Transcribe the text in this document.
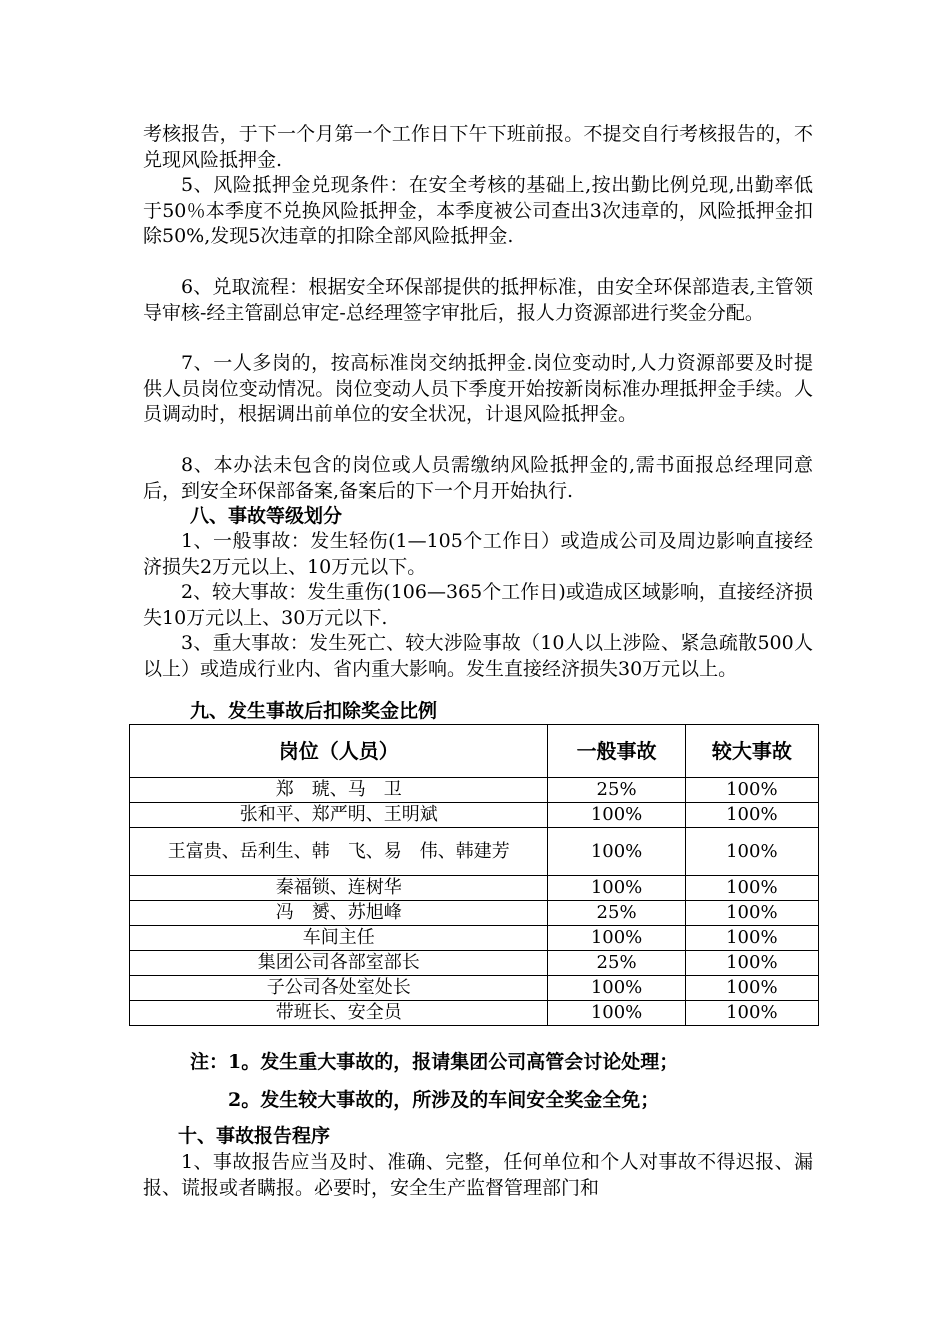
考核报告，于下一个月第一个工作日下午下班前报。不提交自行考核报告的，不兑现风险抵押金.

5、风险抵押金兑现条件：在安全考核的基础上,按出勤比例兑现,出勤率低于50％本季度不兑换风险抵押金，本季度被公司查出3次违章的，风险抵押金扣除50%,发现5次违章的扣除全部风险抵押金.

6、兑取流程：根据安全环保部提供的抵押标准，由安全环保部造表,主管领导审核-经主管副总审定-总经理签字审批后，报人力资源部进行奖金分配。

7、一人多岗的，按高标准岗交纳抵押金.岗位变动时,人力资源部要及时提供人员岗位变动情况。岗位变动人员下季度开始按新岗标准办理抵押金手续。人员调动时，根据调出前单位的安全状况，计退风险抵押金。

8、本办法未包含的岗位或人员需缴纳风险抵押金的,需书面报总经理同意后，到安全环保部备案,备案后的下一个月开始执行.

八、事故等级划分

1、一般事故：发生轻伤(1—105个工作日）或造成公司及周边影响直接经济损失2万元以上、10万元以下。

2、较大事故：发生重伤(106—365个工作日)或造成区域影响，直接经济损失10万元以上、30万元以下.

3、重大事故：发生死亡、较大涉险事故（10人以上涉险、紧急疏散500人以上）或造成行业内、省内重大影响。发生直接经济损失30万元以上。

九、发生事故后扣除奖金比例

岗位（人员）	一般事故	较大事故
郑　琥、马　卫	25%	100%
张和平、郑严明、王明斌	100%	100%
王富贵、岳利生、韩　飞、易　伟、韩建芳	100%	100%
秦福锁、连树华	100%	100%
冯　赟、苏旭峰	25%	100%
车间主任	100%	100%
集团公司各部室部长	25%	100%
子公司各处室处长	100%	100%
带班长、安全员	100%	100%

注：1。发生重大事故的，报请集团公司高管会讨论处理；

2。发生较大事故的，所涉及的车间安全奖金全免；

十、事故报告程序

1、事故报告应当及时、准确、完整，任何单位和个人对事故不得迟报、漏报、谎报或者瞒报。必要时，安全生产监督管理部门和
